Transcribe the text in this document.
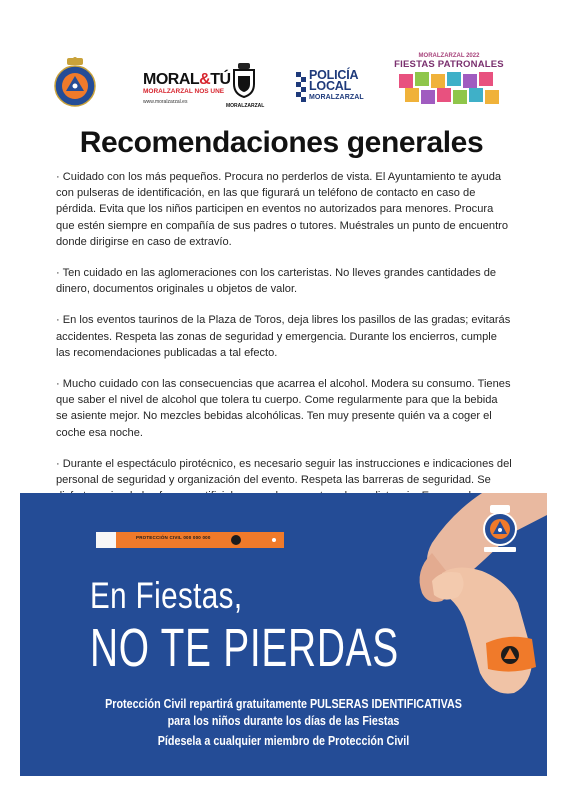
MORAL&TÚ
MORALZARZAL NOS UNE
www.moralzarzal.es
MORALZARZAL
POLICÍA
LOCAL
MORALZARZAL
MORALZARZAL 2022
FIESTAS PATRONALES
Recomendaciones generales

· Cuidado con los más pequeños. Procura no perderlos de vista. El Ayuntamiento te ayuda con pulseras de identificación, en las que figurará un teléfono de contacto en caso de pérdida. Evita que los niños participen en eventos no autorizados para menores. Procura que estén siempre en compañía de sus padres o tutores. Muéstrales un punto de encuentro donde dirigirse en caso de extravío.

· Ten cuidado en las aglomeraciones con los carteristas. No lleves grandes cantidades de dinero, documentos originales u objetos de valor.

· En los eventos taurinos de la Plaza de Toros, deja libres los pasillos de las gradas; evitarás accidentes. Respeta las zonas de seguridad y emergencia. Durante los encierros, cumple las recomendaciones publicadas a tal efecto.

· Mucho cuidado con las consecuencias que acarrea el alcohol. Modera su consumo. Tienes que saber el nivel de alcohol que tolera tu cuerpo. Come regularmente para que la bebida se asiente mejor. No mezcles bebidas alcohólicas. Ten muy presente quién va a coger el coche esa noche.

· Durante el espectáculo pirotécnico, es necesario seguir las instrucciones e indicaciones del personal de seguridad y organización del evento. Respeta las barreras de seguridad. Se

PROTECCIÓN CIVIL 000 000 000
En Fiestas,
NO TE PIERDAS
Protección Civil repartirá gratuitamente PULSERAS IDENTIFICATIVAS
para los niños durante los días de las Fiestas
Pídesela a cualquier miembro de Protección Civil
